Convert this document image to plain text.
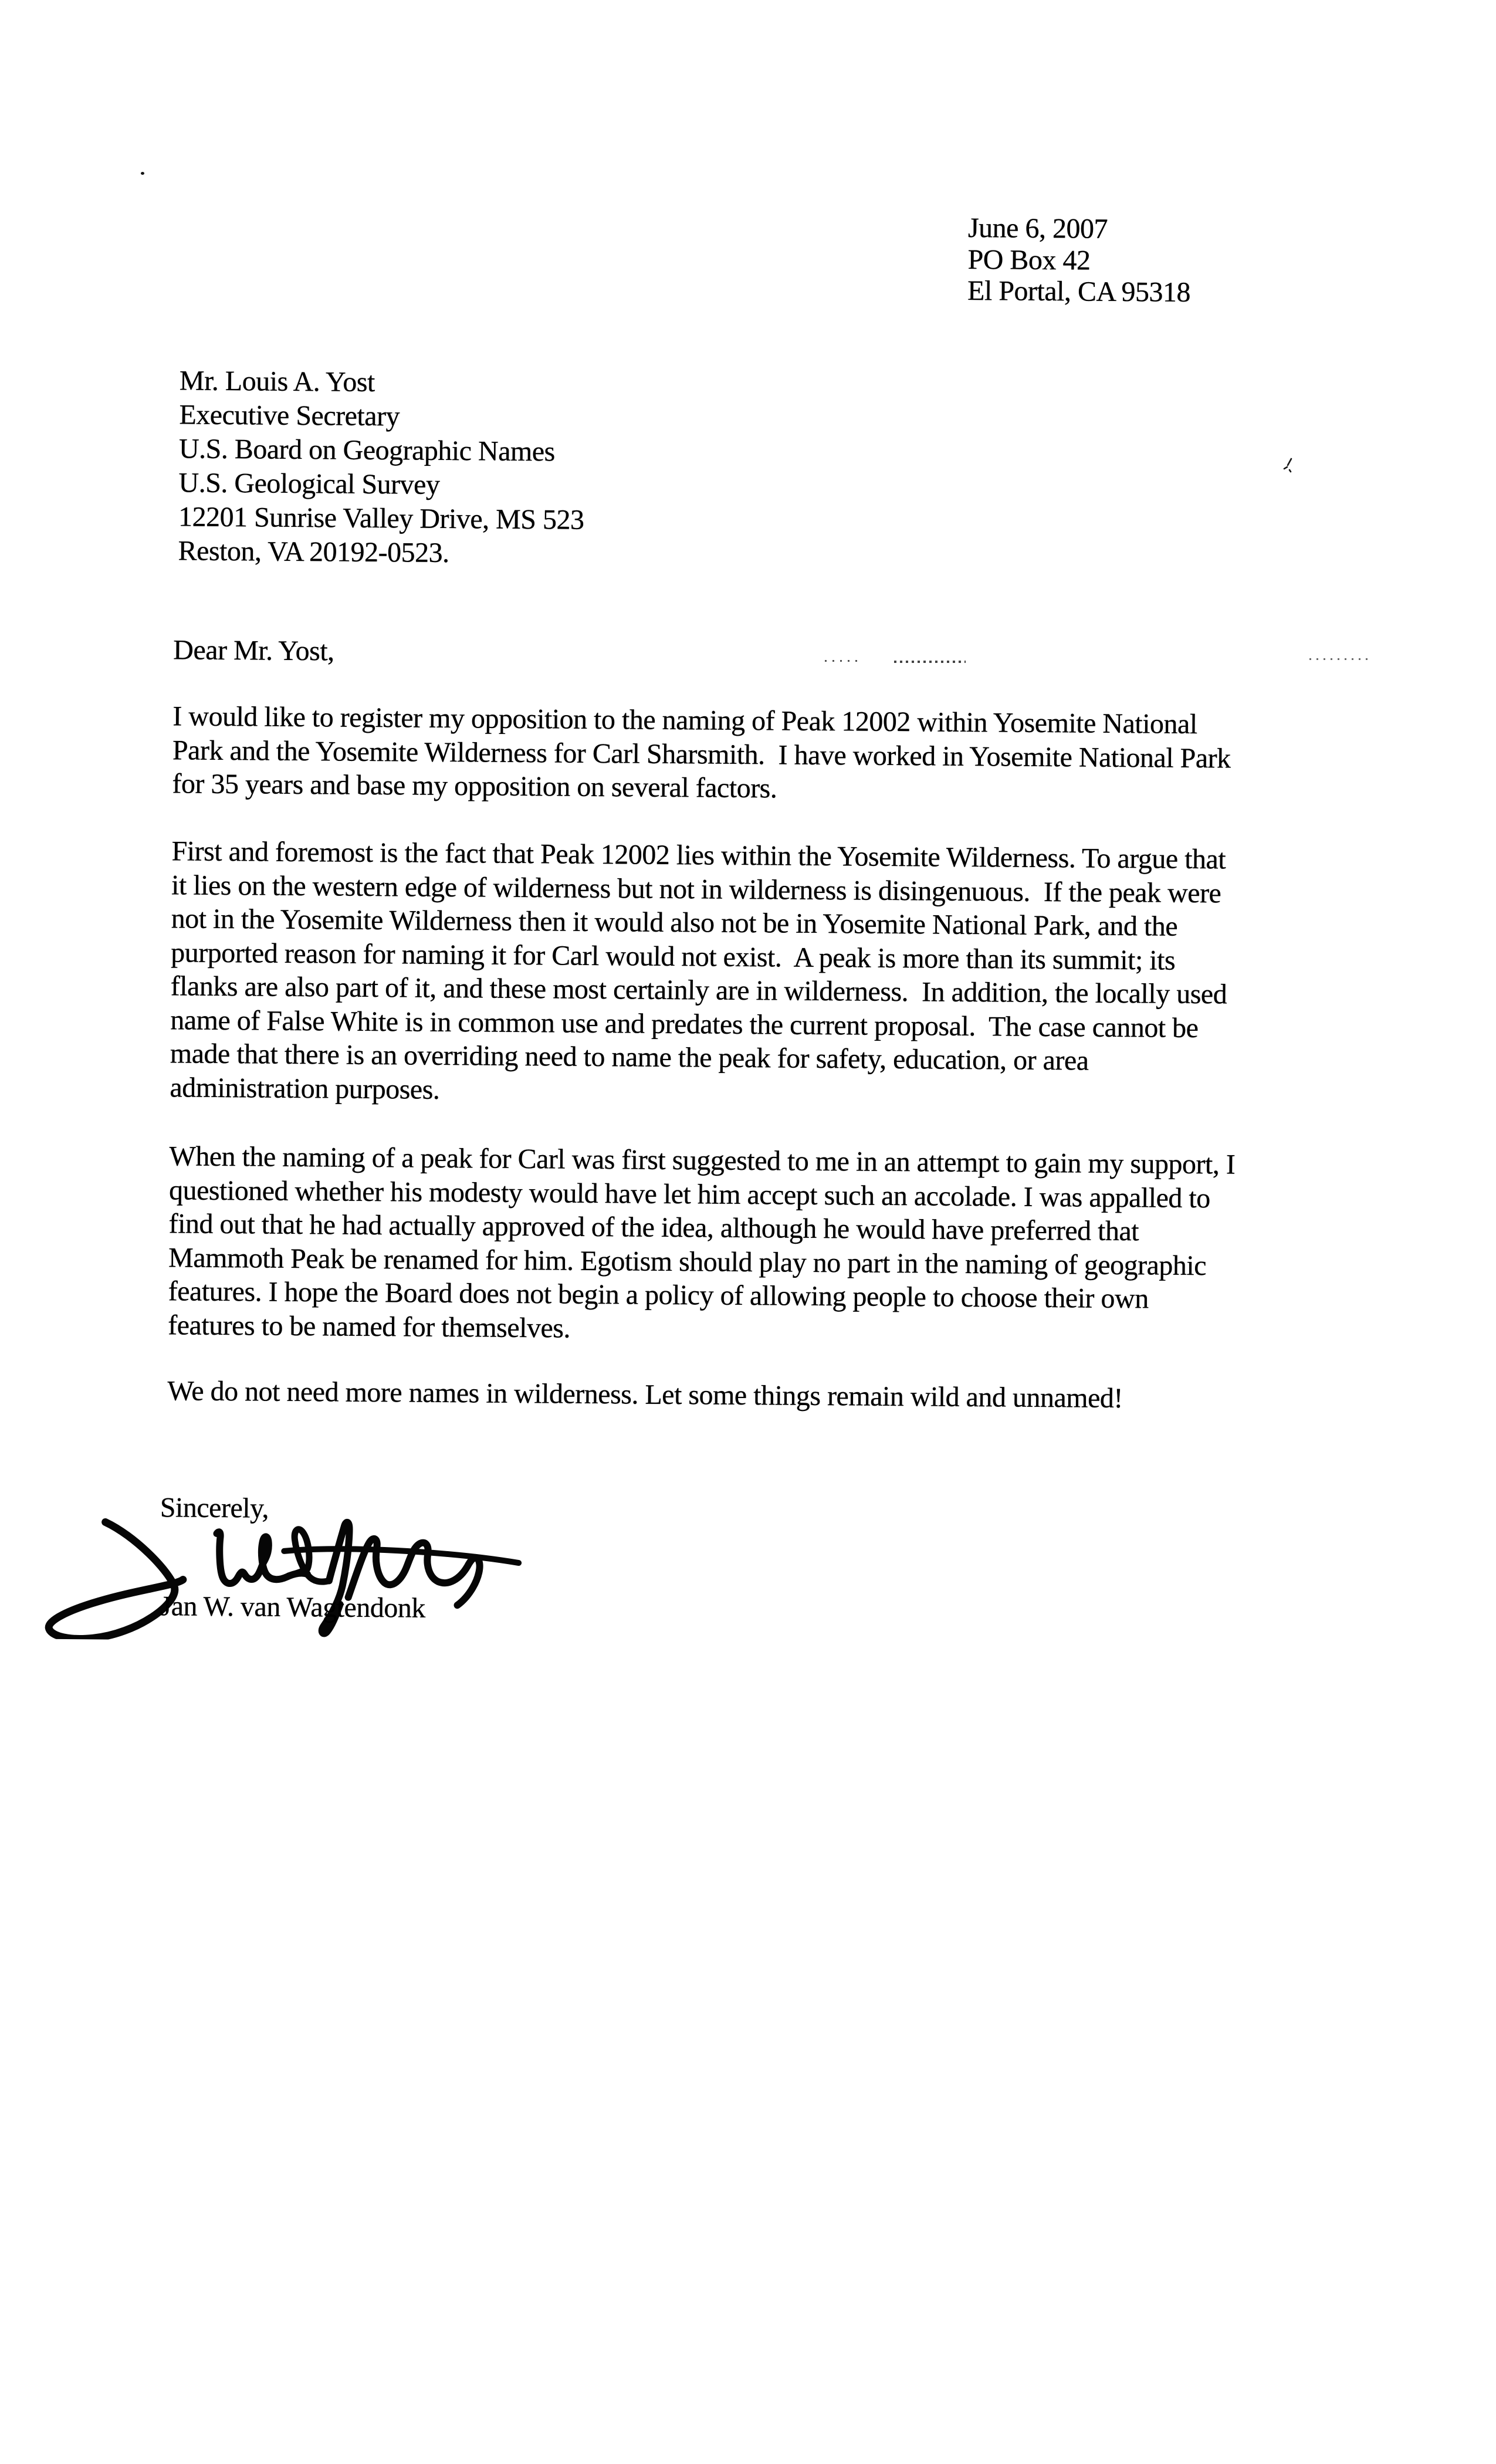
June 6, 2007
PO Box 42
El Portal, CA 95318
Mr. Louis A. Yost
Executive Secretary
U.S. Board on Geographic Names
U.S. Geological Survey
12201 Sunrise Valley Drive, MS 523
Reston, VA 20192-0523.
Dear Mr. Yost,
I would like to register my opposition to the naming of Peak 12002 within Yosemite National
Park and the Yosemite Wilderness for Carl Sharsmith.  I have worked in Yosemite National Park
for 35 years and base my opposition on several factors.
First and foremost is the fact that Peak 12002 lies within the Yosemite Wilderness. To argue that
it lies on the western edge of wilderness but not in wilderness is disingenuous.  If the peak were
not in the Yosemite Wilderness then it would also not be in Yosemite National Park, and the
purported reason for naming it for Carl would not exist.  A peak is more than its summit; its
flanks are also part of it, and these most certainly are in wilderness.  In addition, the locally used
name of False White is in common use and predates the current proposal.  The case cannot be
made that there is an overriding need to name the peak for safety, education, or area
administration purposes.
When the naming of a peak for Carl was first suggested to me in an attempt to gain my support, I
questioned whether his modesty would have let him accept such an accolade. I was appalled to
find out that he had actually approved of the idea, although he would have preferred that
Mammoth Peak be renamed for him. Egotism should play no part in the naming of geographic
features. I hope the Board does not begin a policy of allowing people to choose their own
features to be named for themselves.
We do not need more names in wilderness. Let some things remain wild and unnamed!
Sincerely,
Jan W. van Wagtendonk
